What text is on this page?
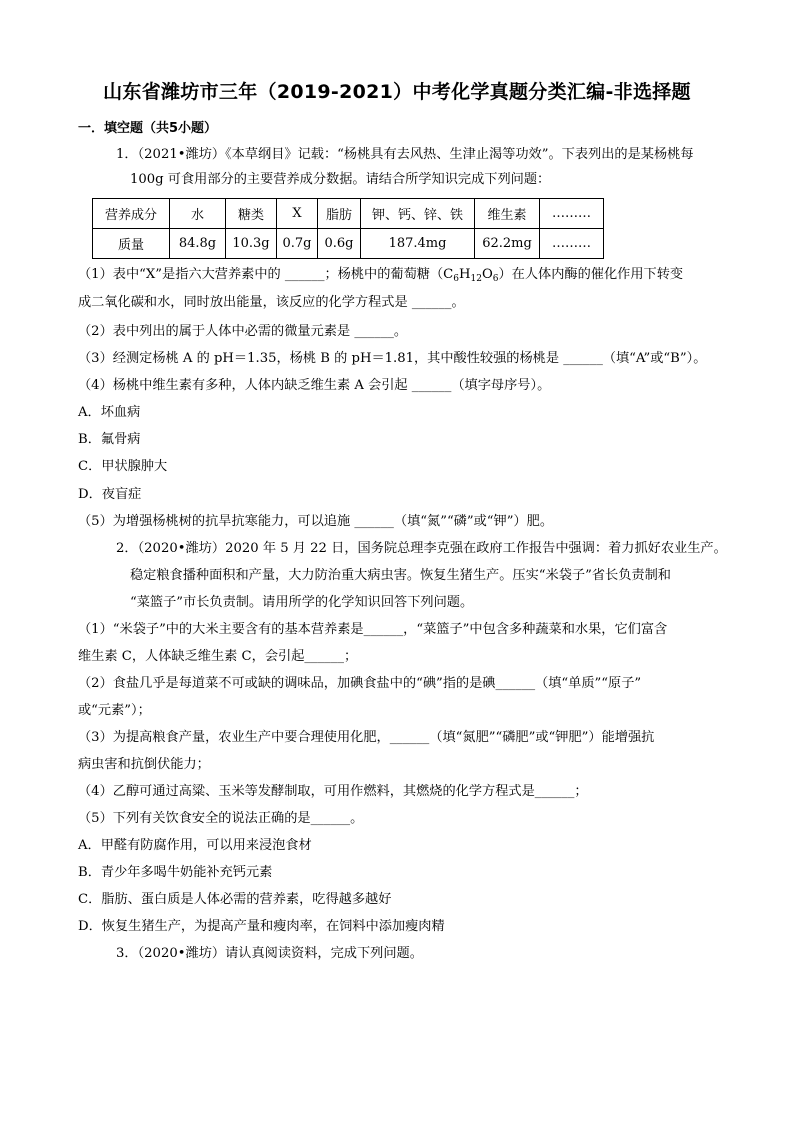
山东省潍坊市三年（2019-2021）中考化学真题分类汇编-非选择题
一．填空题（共5小题）
1．（2021•潍坊）《本草纲目》记载：“杨桃具有去风热、生津止渴等功效”。下表列出的是某杨桃每
100g 可食用部分的主要营养成分数据。请结合所学知识完成下列问题：
营养成分	水	糖类	X	脂肪	钾、钙、锌、铁	维生素	………
质量	84.8g	10.3g	0.7g	0.6g	187.4mg	62.2mg	………
（1）表中“X”是指六大营养素中的 ______；杨桃中的葡萄糖$(C_6H_{12}O_6)$在人体内酶的催化作用下转变
成二氧化碳和水，同时放出能量，该反应的化学方程式是 ______。
（2）表中列出的属于人体中必需的微量元素是 ______。
（3）经测定杨桃 A 的 pH＝1.35，杨桃 B 的 pH＝1.81，其中酸性较强的杨桃是 ______（填“A”或“B”）。
（4）杨桃中维生素有多种，人体内缺乏维生素 A 会引起 ______（填字母序号）。
A．坏血病
B．氟骨病
C．甲状腺肿大
D．夜盲症
（5）为增强杨桃树的抗旱抗寒能力，可以追施 ______（填“氮”“磷”或“钾”）肥。
2．（2020•潍坊）2020 年 5 月 22 日，国务院总理李克强在政府工作报告中强调：着力抓好农业生产。
稳定粮食播种面积和产量，大力防治重大病虫害。恢复生猪生产。压实“米袋子”省长负责制和
“菜篮子”市长负责制。请用所学的化学知识回答下列问题。
（1）“米袋子”中的大米主要含有的基本营养素是______，“菜篮子”中包含多种蔬菜和水果，它们富含
维生素 C，人体缺乏维生素 C，会引起______；
（2）食盐几乎是每道菜不可或缺的调味品，加碘食盐中的“碘”指的是碘______（填“单质”“原子”
或“元素”）；
（3）为提高粮食产量，农业生产中要合理使用化肥，______（填“氮肥”“磷肥”或“钾肥”）能增强抗
病虫害和抗倒伏能力；
（4）乙醇可通过高粱、玉米等发酵制取，可用作燃料，其燃烧的化学方程式是______；
（5）下列有关饮食安全的说法正确的是______。
A．甲醛有防腐作用，可以用来浸泡食材
B．青少年多喝牛奶能补充钙元素
C．脂肪、蛋白质是人体必需的营养素，吃得越多越好
D．恢复生猪生产，为提高产量和瘦肉率，在饲料中添加瘦肉精
3．（2020•潍坊）请认真阅读资料，完成下列问题。
